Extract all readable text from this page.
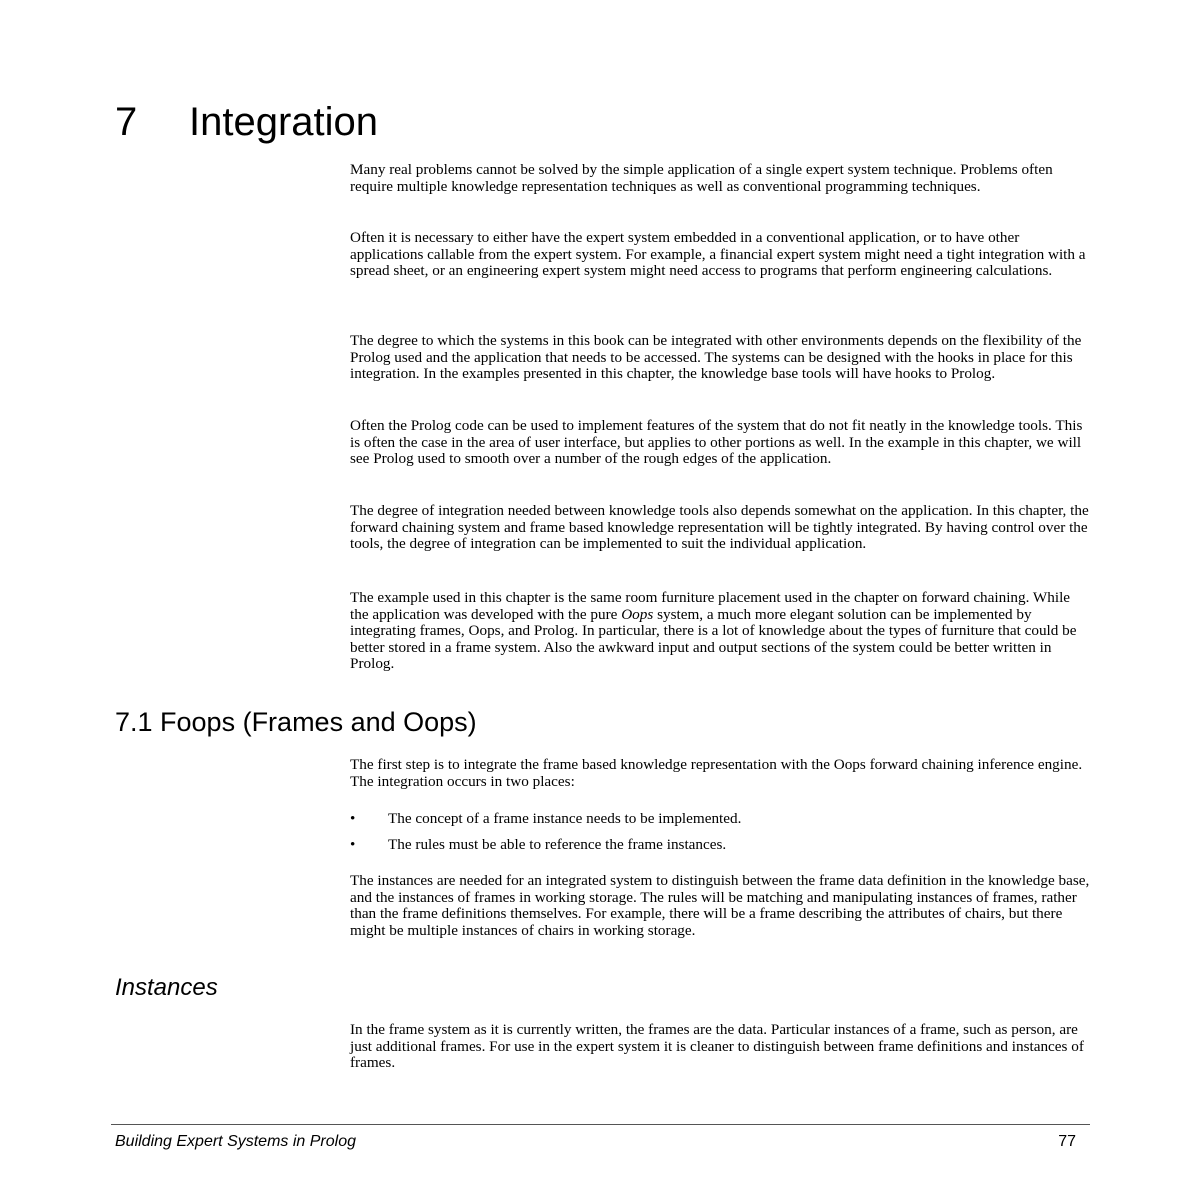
7 Integration

Many real problems cannot be solved by the simple application of a single expert system technique. Problems often require multiple knowledge representation techniques as well as conventional programming techniques.

Often it is necessary to either have the expert system embedded in a conventional application, or to have other applications callable from the expert system. For example, a financial expert system might need a tight integration with a spread sheet, or an engineering expert system might need access to programs that perform engineering calculations.

The degree to which the systems in this book can be integrated with other environments depends on the flexibility of the Prolog used and the application that needs to be accessed. The systems can be designed with the hooks in place for this integration. In the examples presented in this chapter, the knowledge base tools will have hooks to Prolog.

Often the Prolog code can be used to implement features of the system that do not fit neatly in the knowledge tools. This is often the case in the area of user interface, but applies to other portions as well. In the example in this chapter, we will see Prolog used to smooth over a number of the rough edges of the application.

The degree of integration needed between knowledge tools also depends somewhat on the application. In this chapter, the forward chaining system and frame based knowledge representation will be tightly integrated. By having control over the tools, the degree of integration can be implemented to suit the individual application.

The example used in this chapter is the same room furniture placement used in the chapter on forward chaining. While the application was developed with the pure Oops system, a much more elegant solution can be implemented by integrating frames, Oops, and Prolog. In particular, there is a lot of knowledge about the types of furniture that could be better stored in a frame system. Also the awkward input and output sections of the system could be better written in Prolog.

7.1 Foops (Frames and Oops)

The first step is to integrate the frame based knowledge representation with the Oops forward chaining inference engine. The integration occurs in two places:

• The concept of a frame instance needs to be implemented.
• The rules must be able to reference the frame instances.

The instances are needed for an integrated system to distinguish between the frame data definition in the knowledge base, and the instances of frames in working storage. The rules will be matching and manipulating instances of frames, rather than the frame definitions themselves. For example, there will be a frame describing the attributes of chairs, but there might be multiple instances of chairs in working storage.

Instances

In the frame system as it is currently written, the frames are the data. Particular instances of a frame, such as person, are just additional frames. For use in the expert system it is cleaner to distinguish between frame definitions and instances of frames.

Building Expert Systems in Prolog	77
